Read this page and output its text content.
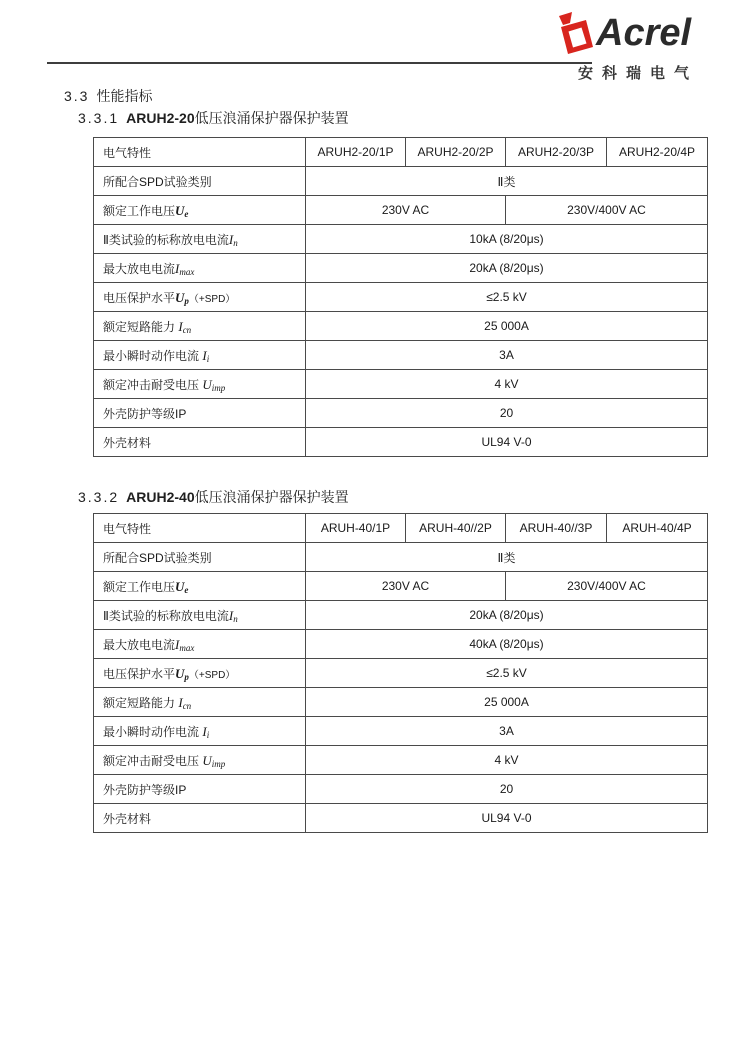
Acrel
安科瑞电气
3.3 性能指标
3.3.1 ARUH2-20低压浪涌保护器保护装置
电气特性	ARUH2-20/1P	ARUH2-20/2P	ARUH2-20/3P	ARUH2-20/4P
所配合SPD试验类别	Ⅱ类			
额定工作电压$U_e$	230V AC		230V/400V AC	
Ⅱ类试验的标称放电电流$I_n$	10kA (8/20μs)			
最大放电电流$I_{max}$	20kA (8/20μs)			
电压保护水平$U_p(+SPD)$	≤2.5 kV			
额定短路能力 $I_{cn}$	25 000A			
最小瞬时动作电流 $I_i$	3A			
额定冲击耐受电压 $U_{imp}$	4 kV			
外壳防护等级IP	20			
外壳材料	UL94 V-0			
3.3.2 ARUH2-40低压浪涌保护器保护装置
电气特性	ARUH-40/1P	ARUH-40//2P	ARUH-40//3P	ARUH-40/4P
所配合SPD试验类别	Ⅱ类			
额定工作电压$U_e$	230V AC		230V/400V AC	
Ⅱ类试验的标称放电电流$I_n$	20kA (8/20μs)			
最大放电电流$I_{max}$	40kA (8/20μs)			
电压保护水平$U_p(+SPD)$	≤2.5 kV			
额定短路能力 $I_{cn}$	25 000A			
最小瞬时动作电流 $I_i$	3A			
额定冲击耐受电压 $U_{imp}$	4 kV			
外壳防护等级IP	20			
外壳材料	UL94 V-0			
